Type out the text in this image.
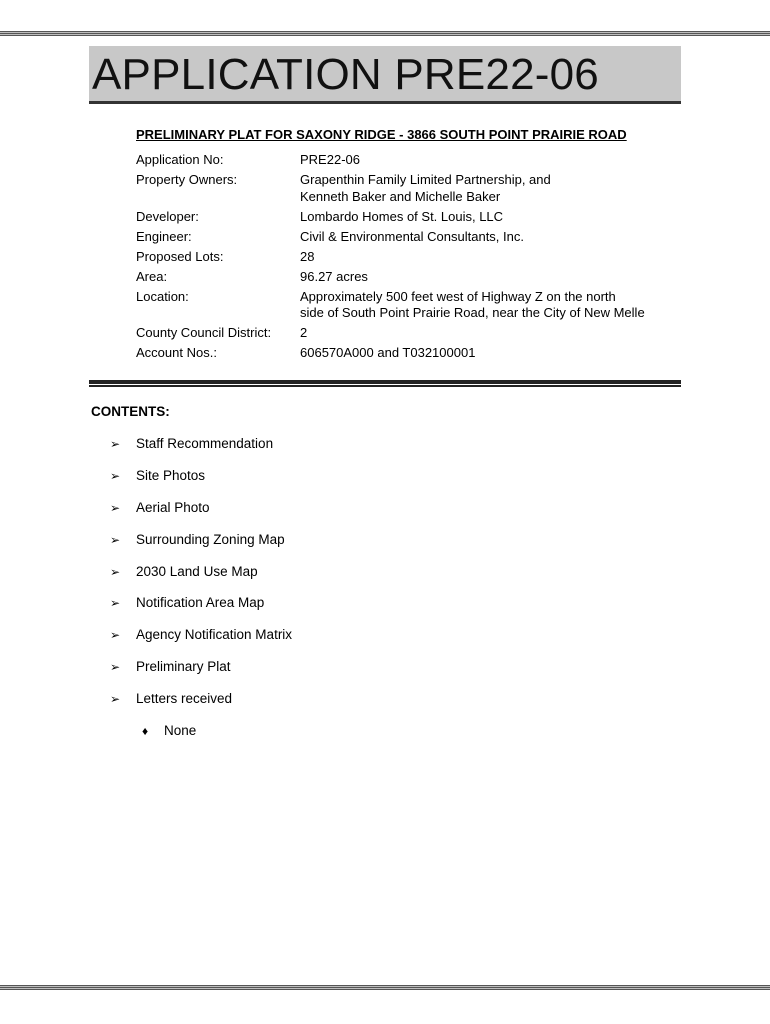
APPLICATION PRE22-06
PRELIMINARY PLAT FOR SAXONY RIDGE - 3866 SOUTH POINT PRAIRIE ROAD
Application No:	PRE22-06
Property Owners:	Grapenthin Family Limited Partnership, and
Kenneth Baker and Michelle Baker

Developer:	Lombardo Homes of St. Louis, LLC
Engineer:	Civil & Environmental Consultants, Inc.
Proposed Lots:	28
Area:	96.27 acres
Location:	Approximately 500 feet west of Highway Z on the north
side of South Point Prairie Road, near the City of New Melle

County Council District:	2
Account Nos.:	606570A000 and T032100001
CONTENTS:
➢	Staff Recommendation
➢	Site Photos
➢	Aerial Photo
➢	Surrounding Zoning Map
➢	2030 Land Use Map
➢	Notification Area Map
➢	Agency Notification Matrix
➢	Preliminary Plat
➢	Letters received
♦	None
